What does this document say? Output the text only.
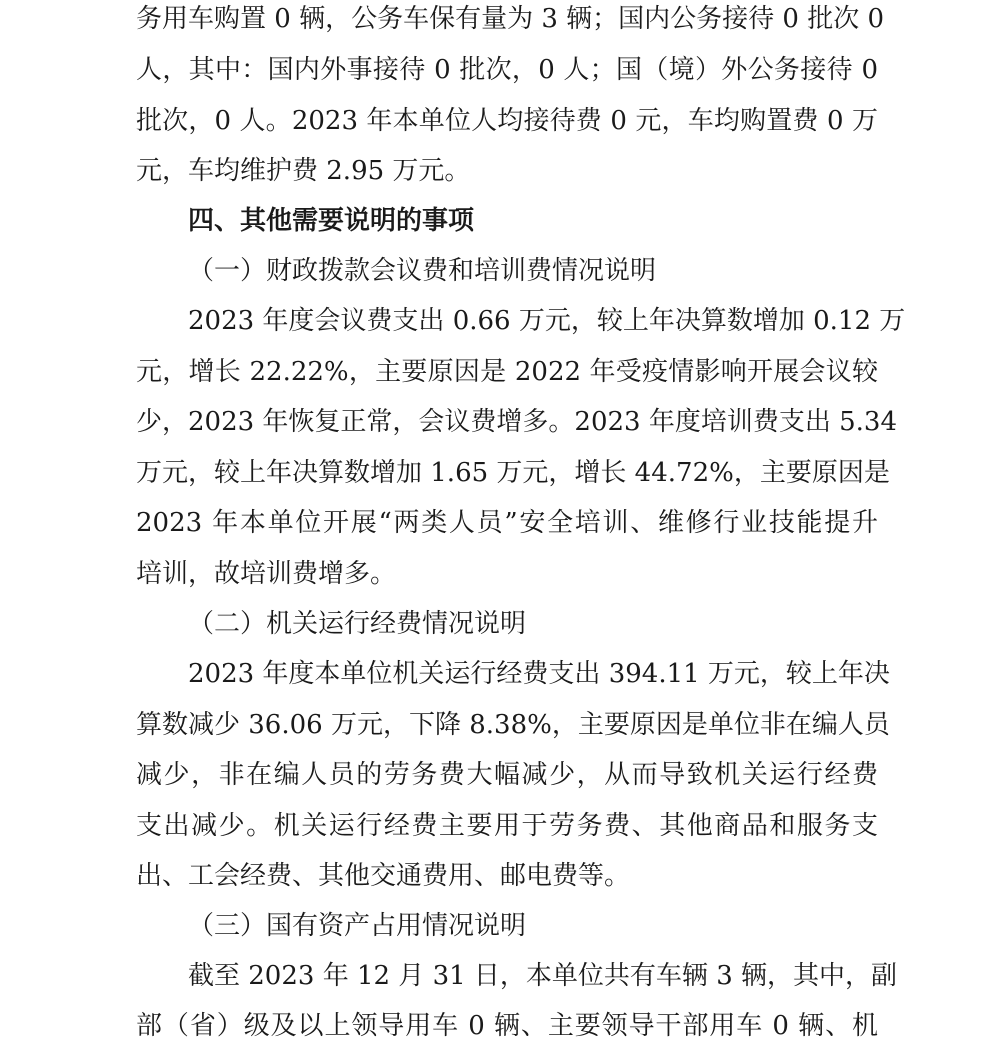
务用车购置 0 辆，公务车保有量为 3 辆；国内公务接待 0 批次 0
人，其中：国内外事接待 0 批次，0 人；国（境）外公务接待 0
批次，0 人。2023 年本单位人均接待费 0 元，车均购置费 0 万
元，车均维护费 2.95 万元。
四、其他需要说明的事项
（一）财政拨款会议费和培训费情况说明
2023 年度会议费支出 0.66 万元，较上年决算数增加 0.12 万
元，增长 22.22%，主要原因是 2022 年受疫情影响开展会议较
少，2023 年恢复正常，会议费增多。2023 年度培训费支出 5.34
万元，较上年决算数增加 1.65 万元，增长 44.72%，主要原因是
2023 年本单位开展“两类人员”安全培训、维修行业技能提升
培训，故培训费增多。
（二）机关运行经费情况说明
2023 年度本单位机关运行经费支出 394.11 万元，较上年决
算数减少 36.06 万元，下降 8.38%，主要原因是单位非在编人员
减少，非在编人员的劳务费大幅减少，从而导致机关运行经费
支出减少。机关运行经费主要用于劳务费、其他商品和服务支
出、工会经费、其他交通费用、邮电费等。
（三）国有资产占用情况说明
截至 2023 年 12 月 31 日，本单位共有车辆 3 辆，其中，副
部（省）级及以上领导用车 0 辆、主要领导干部用车 0 辆、机
